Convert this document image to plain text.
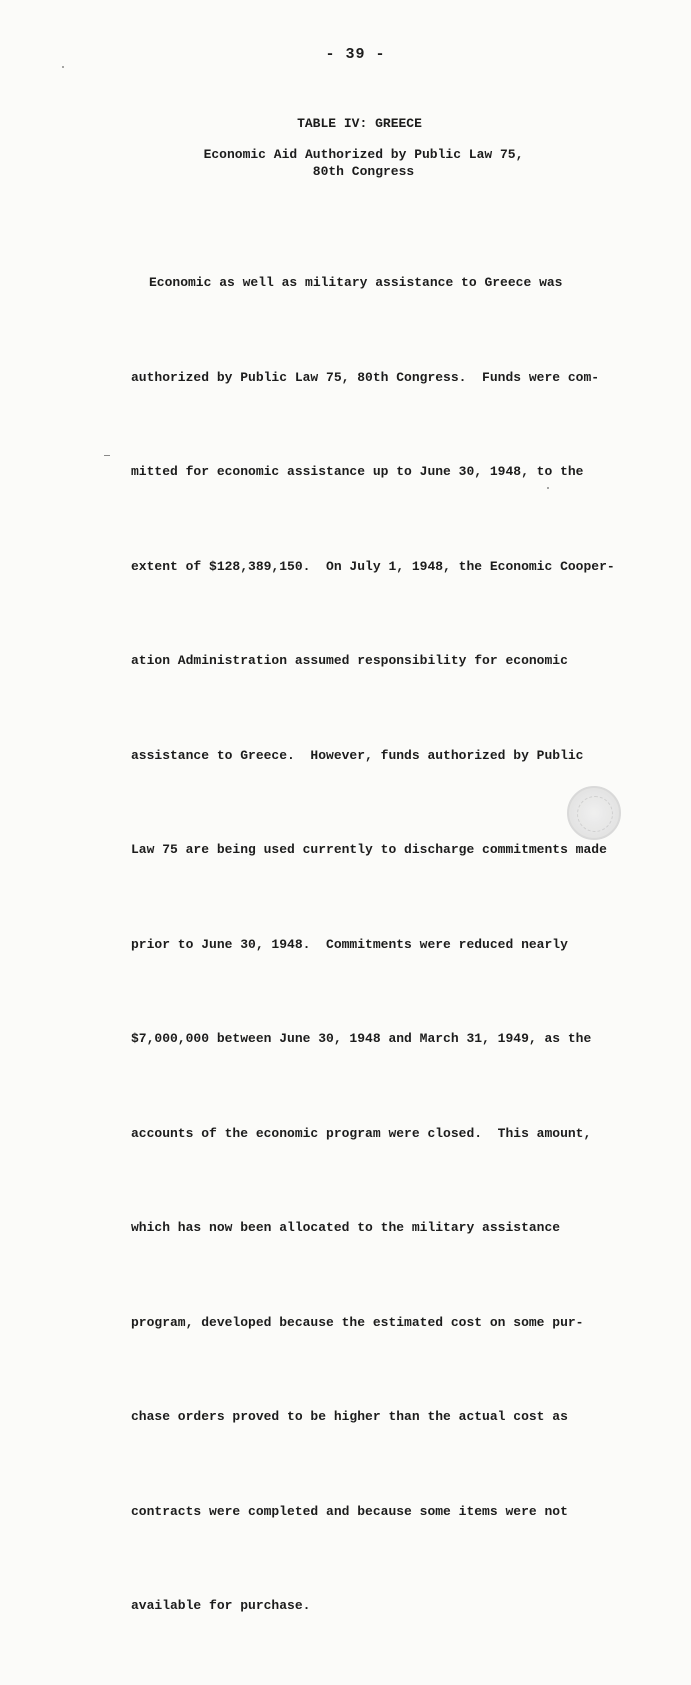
- 39 -
TABLE IV: GREECE
Economic Aid Authorized by Public Law 75,
80th Congress

Economic as well as military assistance to Greece was

authorized by Public Law 75, 80th Congress.  Funds were com-

mitted for economic assistance up to June 30, 1948, to the

extent of $128,389,150.  On July 1, 1948, the Economic Cooper-

ation Administration assumed responsibility for economic

assistance to Greece.  However, funds authorized by Public

Law 75 are being used currently to discharge commitments made

prior to June 30, 1948.  Commitments were reduced nearly

$7,000,000 between June 30, 1948 and March 31, 1949, as the

accounts of the economic program were closed.  This amount,

which has now been allocated to the military assistance

program, developed because the estimated cost on some pur-

chase orders proved to be higher than the actual cost as

contracts were completed and because some items were not

available for purchase.
